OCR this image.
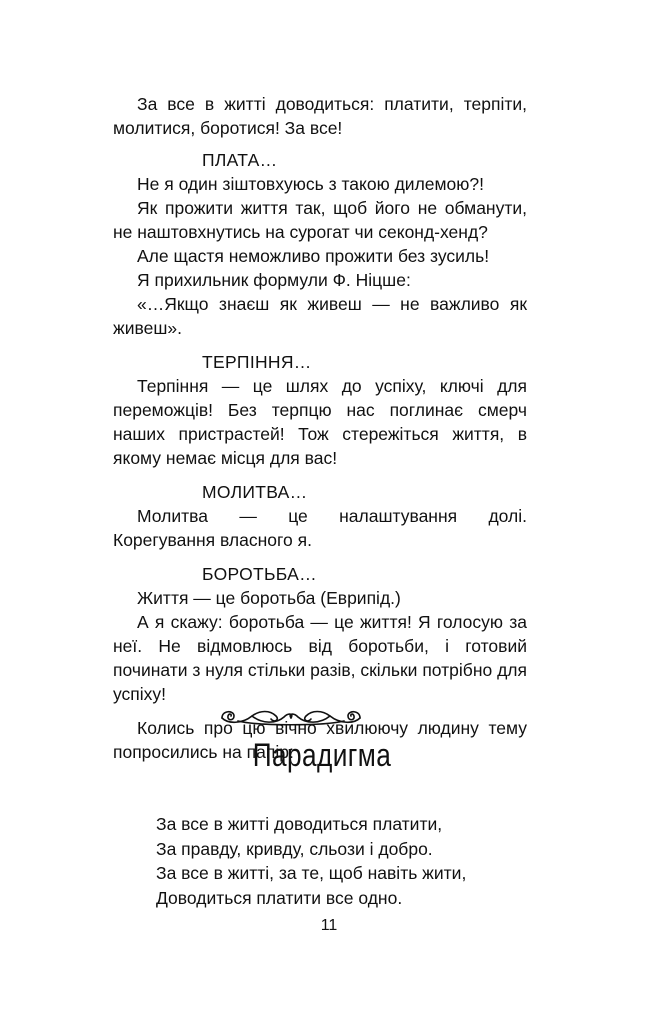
За все в житті доводиться: платити, терпіти, молитися, боротися! За все!

ПЛАТА…

Не я один зіштовхуюсь з такою дилемою?!

Як прожити життя так, щоб його не обманути, не наштовхнутись на сурогат чи секонд-хенд?

Але щастя неможливо прожити без зусиль!

Я прихильник формули Ф. Ніцше:

«…Якщо знаєш як живеш — не важливо як живеш».

ТЕРПІННЯ…

Терпіння — це шлях до успіху, ключі для переможців! Без терпцю нас поглинає смерч наших пристрастей! Тож стережіться життя, в якому немає місця для вас!

МОЛИТВА…

Молитва — це налаштування долі. Корегування власного я.

БОРОТЬБА…

Життя — це боротьба (Еврипід.)

А я скажу: боротьба — це життя! Я голосую за неї. Не відмовлюсь від боротьби, і готовий починати з нуля стільки разів, скільки потрібно для успіху!

Колись про цю вічно хвилюючу людину тему попросились на папір:

Парадигма
За все в житті доводиться платити,
За правду, кривду, сльози і добро.
За все в житті, за те, щоб навіть жити,
Доводиться платити все одно.
11
